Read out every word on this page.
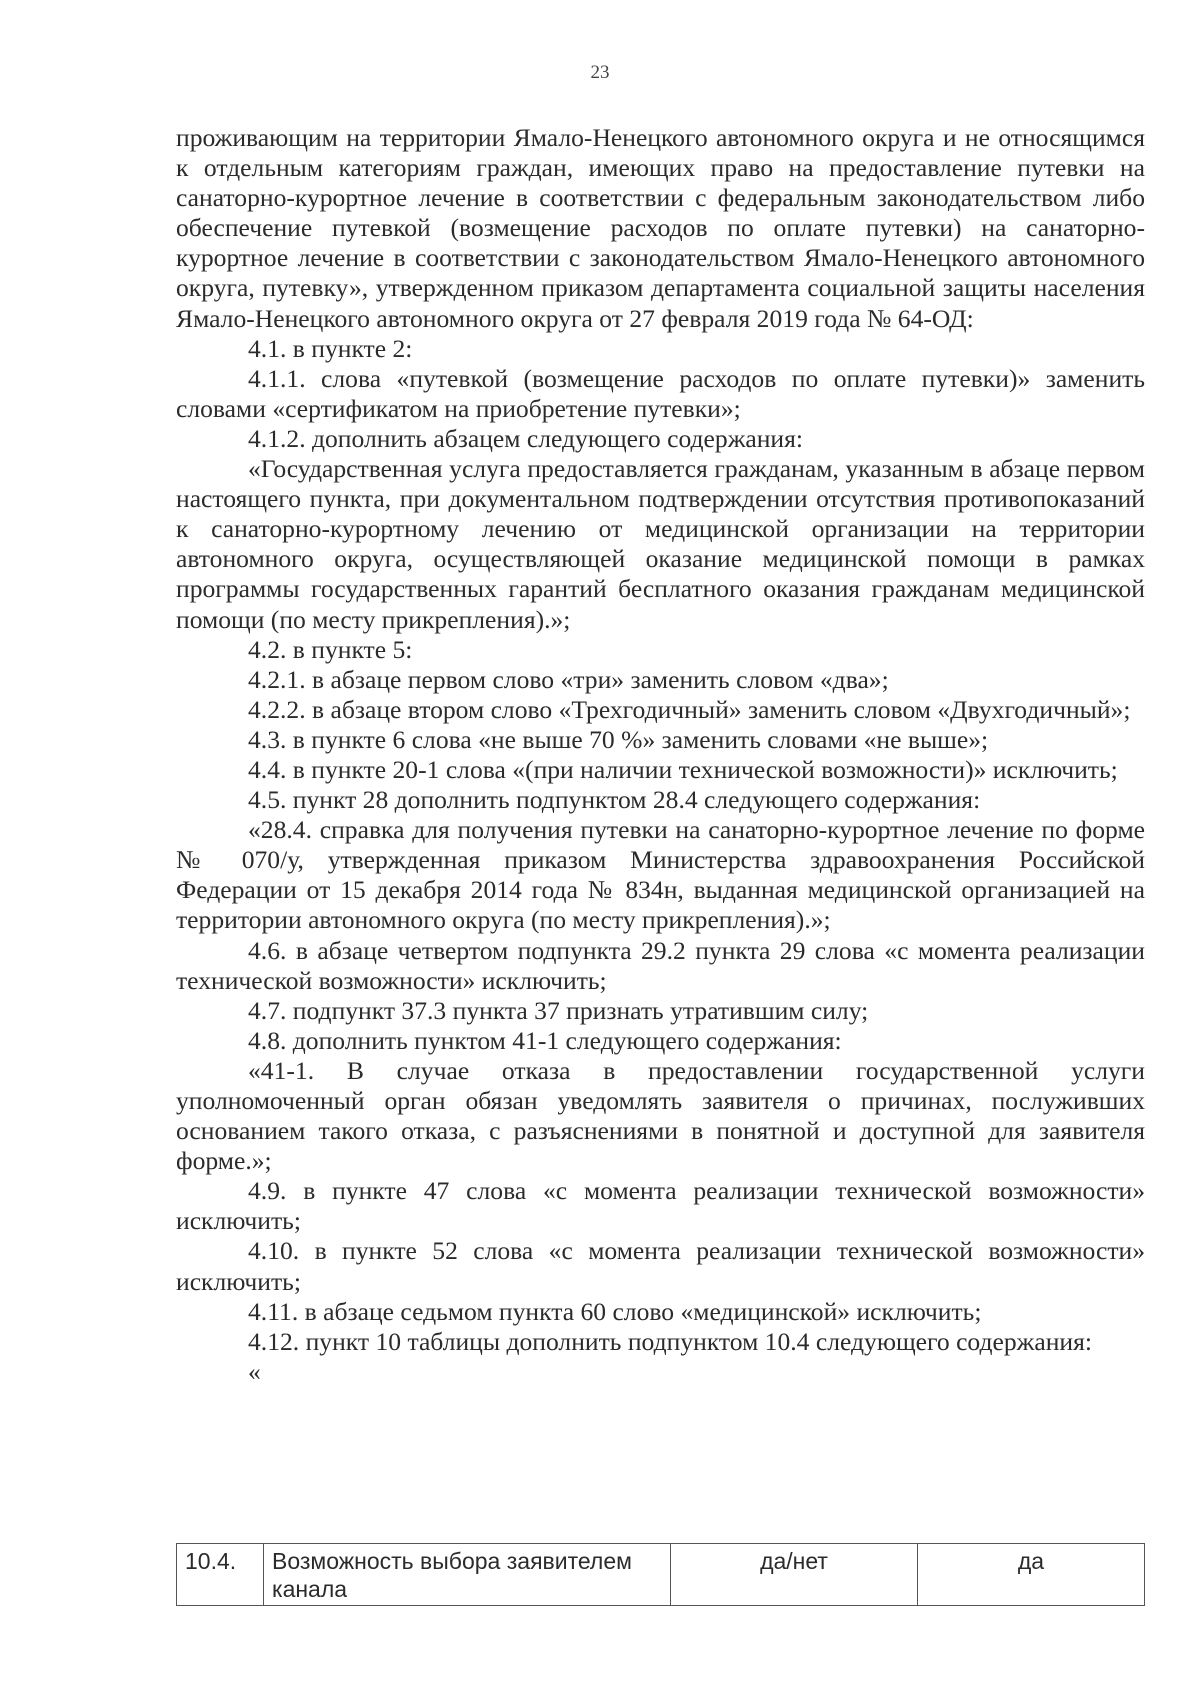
23

проживающим на территории Ямало-Ненецкого автономного округа и не относящимся к отдельным категориям граждан, имеющих право на предоставление путевки на санаторно-курортное лечение в соответствии с федеральным законодательством либо обеспечение путевкой (возмещение расходов по оплате путевки) на санаторно-курортное лечение в соответствии с законодательством Ямало-Ненецкого автономного округа, путевку», утвержденном приказом департамента социальной защиты населения Ямало-Ненецкого автономного округа от 27 февраля 2019 года № 64-ОД:

4.1. в пункте 2:

4.1.1. слова «путевкой (возмещение расходов по оплате путевки)» заменить словами «сертификатом на приобретение путевки»;

4.1.2. дополнить абзацем следующего содержания:

«Государственная услуга предоставляется гражданам, указанным в абзаце первом настоящего пункта, при документальном подтверждении отсутствия противопоказаний к санаторно-курортному лечению от медицинской организации на территории автономного округа, осуществляющей оказание медицинской помощи в рамках программы государственных гарантий бесплатного оказания гражданам медицинской помощи (по месту прикрепления).»;

4.2. в пункте 5:

4.2.1. в абзаце первом слово «три» заменить словом «два»;

4.2.2. в абзаце втором слово «Трехгодичный» заменить словом «Двухгодичный»;

4.3. в пункте 6 слова «не выше 70 %» заменить словами «не выше»;

4.4. в пункте 20-1 слова «(при наличии технической возможности)» исключить;

4.5. пункт 28 дополнить подпунктом 28.4 следующего содержания:

«28.4. справка для получения путевки на санаторно-курортное лечение по форме № 070/у, утвержденная приказом Министерства здравоохранения Российской Федерации от 15 декабря 2014 года № 834н, выданная медицинской организацией на территории автономного округа (по месту прикрепления).»;

4.6. в абзаце четвертом подпункта 29.2 пункта 29 слова «с момента реализации технической возможности» исключить;

4.7. подпункт 37.3 пункта 37 признать утратившим силу;

4.8. дополнить пунктом 41-1 следующего содержания:

«41-1. В случае отказа в предоставлении государственной услуги уполномоченный орган обязан уведомлять заявителя о причинах, послуживших основанием такого отказа, с разъяснениями в понятной и доступной для заявителя форме.»;

4.9. в пункте 47 слова «с момента реализации технической возможности» исключить;

4.10. в пункте 52 слова «с момента реализации технической возможности» исключить;

4.11. в абзаце седьмом пункта 60 слово «медицинской» исключить;

4.12. пункт 10 таблицы дополнить подпунктом 10.4 следующего содержания:

«
10.4.	Возможность выбора заявителем канала	да/нет	да
